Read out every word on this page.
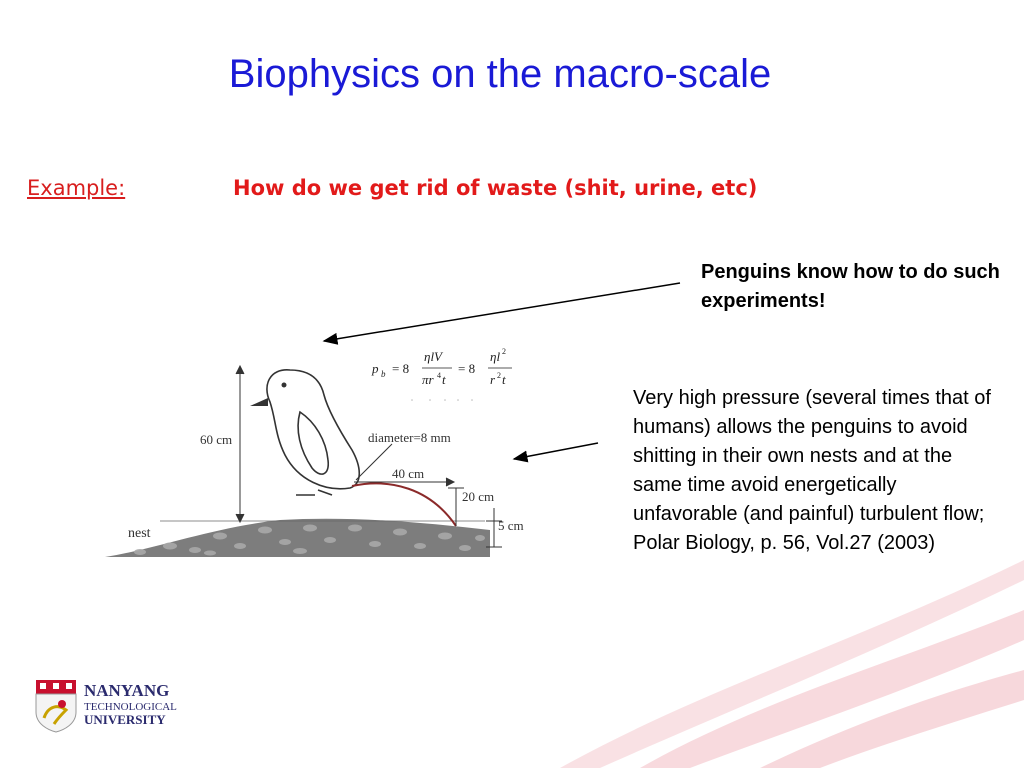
Biophysics on the macro-scale
Example:	How do we get rid of waste (shit, urine, etc)
Penguins know how to do such experiments!
Very high pressure (several times that of humans) allows the penguins to avoid shitting in their own nests and at the same time avoid energetically unfavorable (and painful) turbulent flow; Polar Biology, p. 56, Vol.27 (2003)
p b = 8
ηlV
πr 4 t
= 8
ηl 2
r 2 t
nest
60 cm
40 cm
diameter=8 mm
20 cm
5 cm
NANYANG
TECHNOLOGICAL
UNIVERSITY
